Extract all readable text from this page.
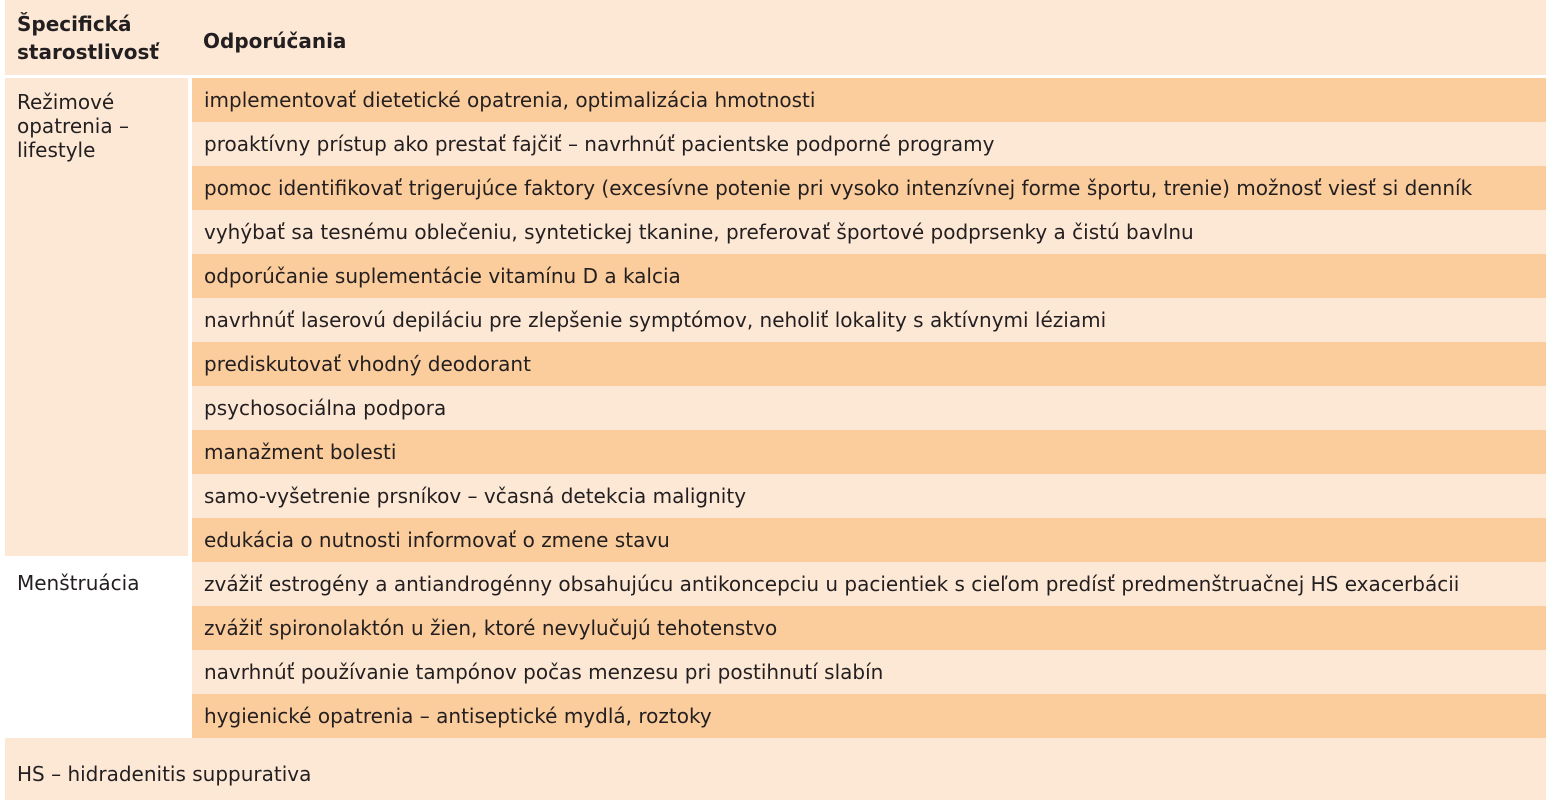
Špecifická starostlivosť	Odporúčania
Režimové opatrenia – lifestyle
implementovať dietetické opatrenia, optimalizácia hmotnosti
proaktívny prístup ako prestať fajčiť – navrhnúť pacientske podporné programy
pomoc identifikovať trigerujúce faktory (excesívne potenie pri vysoko intenzívnej forme športu, trenie) možnosť viesť si denník
vyhýbať sa tesnému oblečeniu, syntetickej tkanine, preferovať športové podprsenky a čistú bavlnu
odporúčanie suplementácie vitamínu D a kalcia
navrhnúť laserovú depiláciu pre zlepšenie symptómov, neholiť lokality s aktívnymi léziami
prediskutovať vhodný deodorant
psychosociálna podpora
manažment bolesti
samo-vyšetrenie prsníkov – včasná detekcia malignity
edukácia o nutnosti informovať o zmene stavu
Menštruácia	zvážiť estrogény a antiandrogénny obsahujúcu antikoncepciu u pacientiek s cieľom predísť predmenštruačnej HS exacerbácii
zvážiť spironolaktón u žien, ktoré nevylučujú tehotenstvo
navrhnúť používanie tampónov počas menzesu pri postihnutí slabín
hygienické opatrenia – antiseptické mydlá, roztoky
HS – hidradenitis suppurativa
